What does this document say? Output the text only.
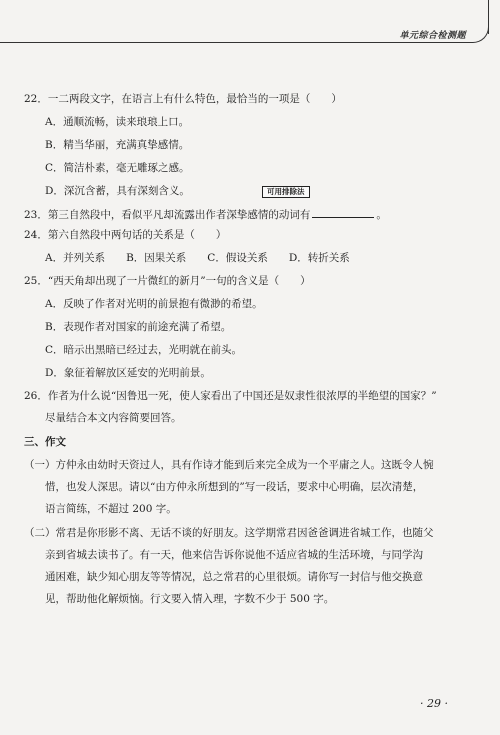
单元综合检测题
22．一二两段文字，在语言上有什么特色，最恰当的一项是（　　）
A．通顺流畅，读来琅琅上口。
B．精当华丽，充满真挚感情。
C．简洁朴素，毫无雕琢之感。
D．深沉含蓄，具有深刻含义。	可用排除法
23．第三自然段中，看似平凡却流露出作者深挚感情的动词有	。
24．第六自然段中两句话的关系是（　　）
A．并列关系　　B．因果关系　　C．假设关系　　D．转折关系
25．“西天角却出现了一片微红的新月”一句的含义是（　　）
A．反映了作者对光明的前景抱有微渺的希望。
B．表现作者对国家的前途充满了希望。
C．暗示出黑暗已经过去，光明就在前头。
D．象征着解放区延安的光明前景。
26．作者为什么说“因鲁迅一死，使人家看出了中国还是奴隶性很浓厚的半绝望的国家？”
尽量结合本文内容简要回答。
三、作文
（一）方仲永由幼时天资过人，具有作诗才能到后来完全成为一个平庸之人。这既令人惋
惜，也发人深思。请以“由方仲永所想到的”写一段话，要求中心明确，层次清楚，
语言简练，不超过 200 字。
（二）常君是你形影不离、无话不谈的好朋友。这学期常君因爸爸调进省城工作，也随父
亲到省城去读书了。有一天，他来信告诉你说他不适应省城的生活环境，与同学沟
通困难，缺少知心朋友等等情况，总之常君的心里很烦。请你写一封信与他交换意
见，帮助他化解烦恼。行文要入情入理，字数不少于 500 字。
· 29 ·
